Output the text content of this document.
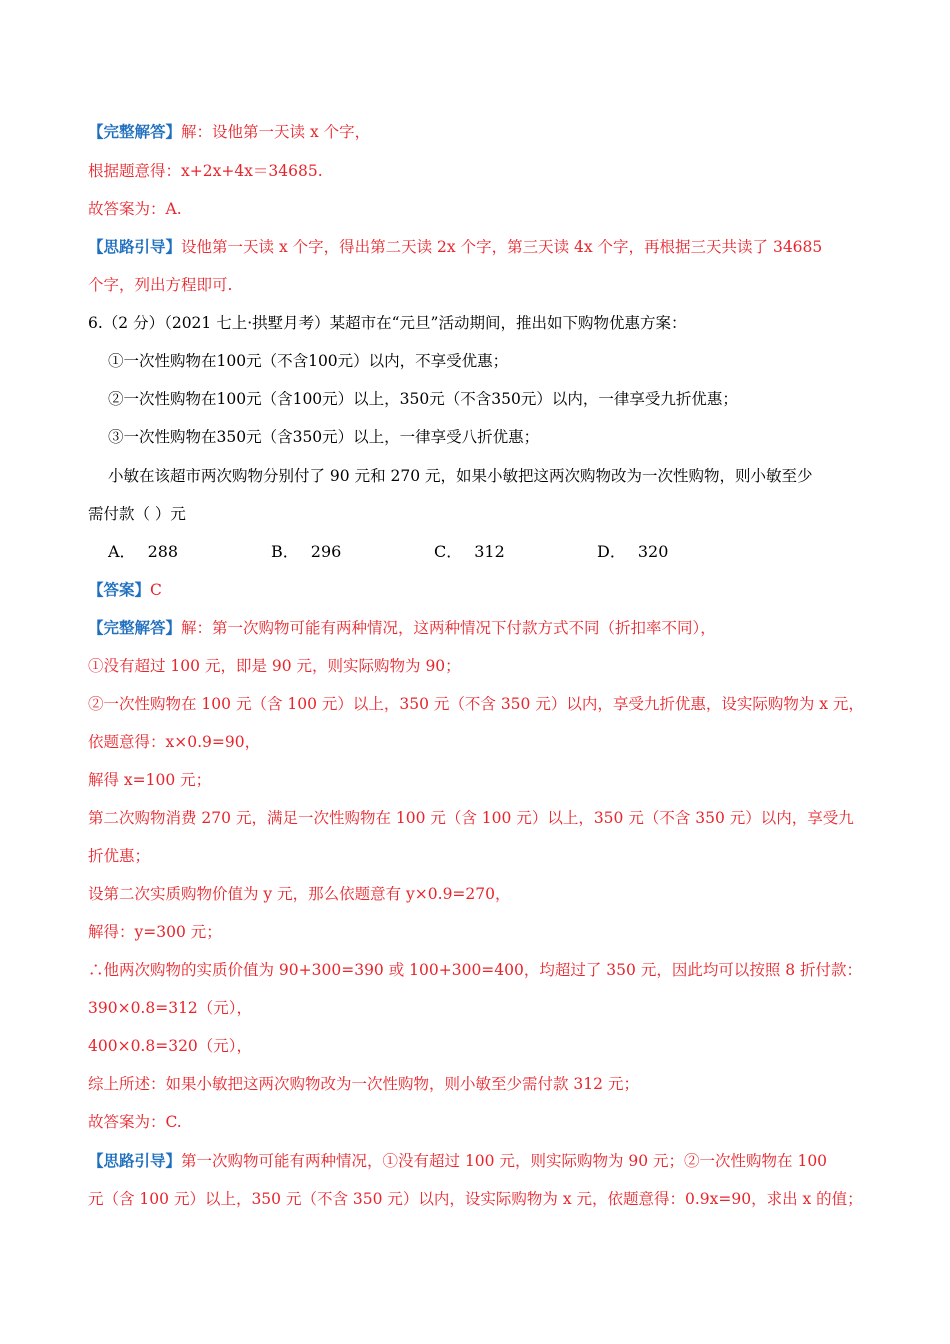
【完整解答】解：设他第一天读 x 个字，
根据题意得：x+2x+4x＝34685.
故答案为：A.
【思路引导】设他第一天读 x 个字，得出第二天读 2x 个字，第三天读 4x 个字，再根据三天共读了 34685
个字，列出方程即可.
6.（2 分）（2021 七上·拱墅月考）某超市在“元旦”活动期间，推出如下购物优惠方案：
①一次性购物在100元（不含100元）以内，不享受优惠；
②一次性购物在100元（含100元）以上，350元（不含350元）以内，一律享受九折优惠；
③一次性购物在350元（含350元）以上，一律享受八折优惠；
小敏在该超市两次购物分别付了 90 元和 270 元，如果小敏把这两次购物改为一次性购物，则小敏至少
需付款（ ）元
A． 288	B． 296	C． 312	D． 320
【答案】C
【完整解答】解：第一次购物可能有两种情况，这两种情况下付款方式不同（折扣率不同），
①没有超过 100 元，即是 90 元，则实际购物为 90；
②一次性购物在 100 元（含 100 元）以上，350 元（不含 350 元）以内，享受九折优惠，设实际购物为 x 元，
依题意得：x×0.9=90，
解得 x=100 元；
第二次购物消费 270 元，满足一次性购物在 100 元（含 100 元）以上，350 元（不含 350 元）以内，享受九
折优惠；
设第二次实质购物价值为 y 元，那么依题意有 y×0.9=270，
解得：y=300 元；
∴他两次购物的实质价值为 90+300=390 或 100+300=400，均超过了 350 元，因此均可以按照 8 折付款：
390×0.8=312（元），
400×0.8=320（元），
综上所述：如果小敏把这两次购物改为一次性购物，则小敏至少需付款 312 元；
故答案为：C.
【思路引导】第一次购物可能有两种情况，①没有超过 100 元，则实际购物为 90 元；②一次性购物在 100
元（含 100 元）以上，350 元（不含 350 元）以内，设实际购物为 x 元，依题意得：0.9x=90，求出 x 的值；
